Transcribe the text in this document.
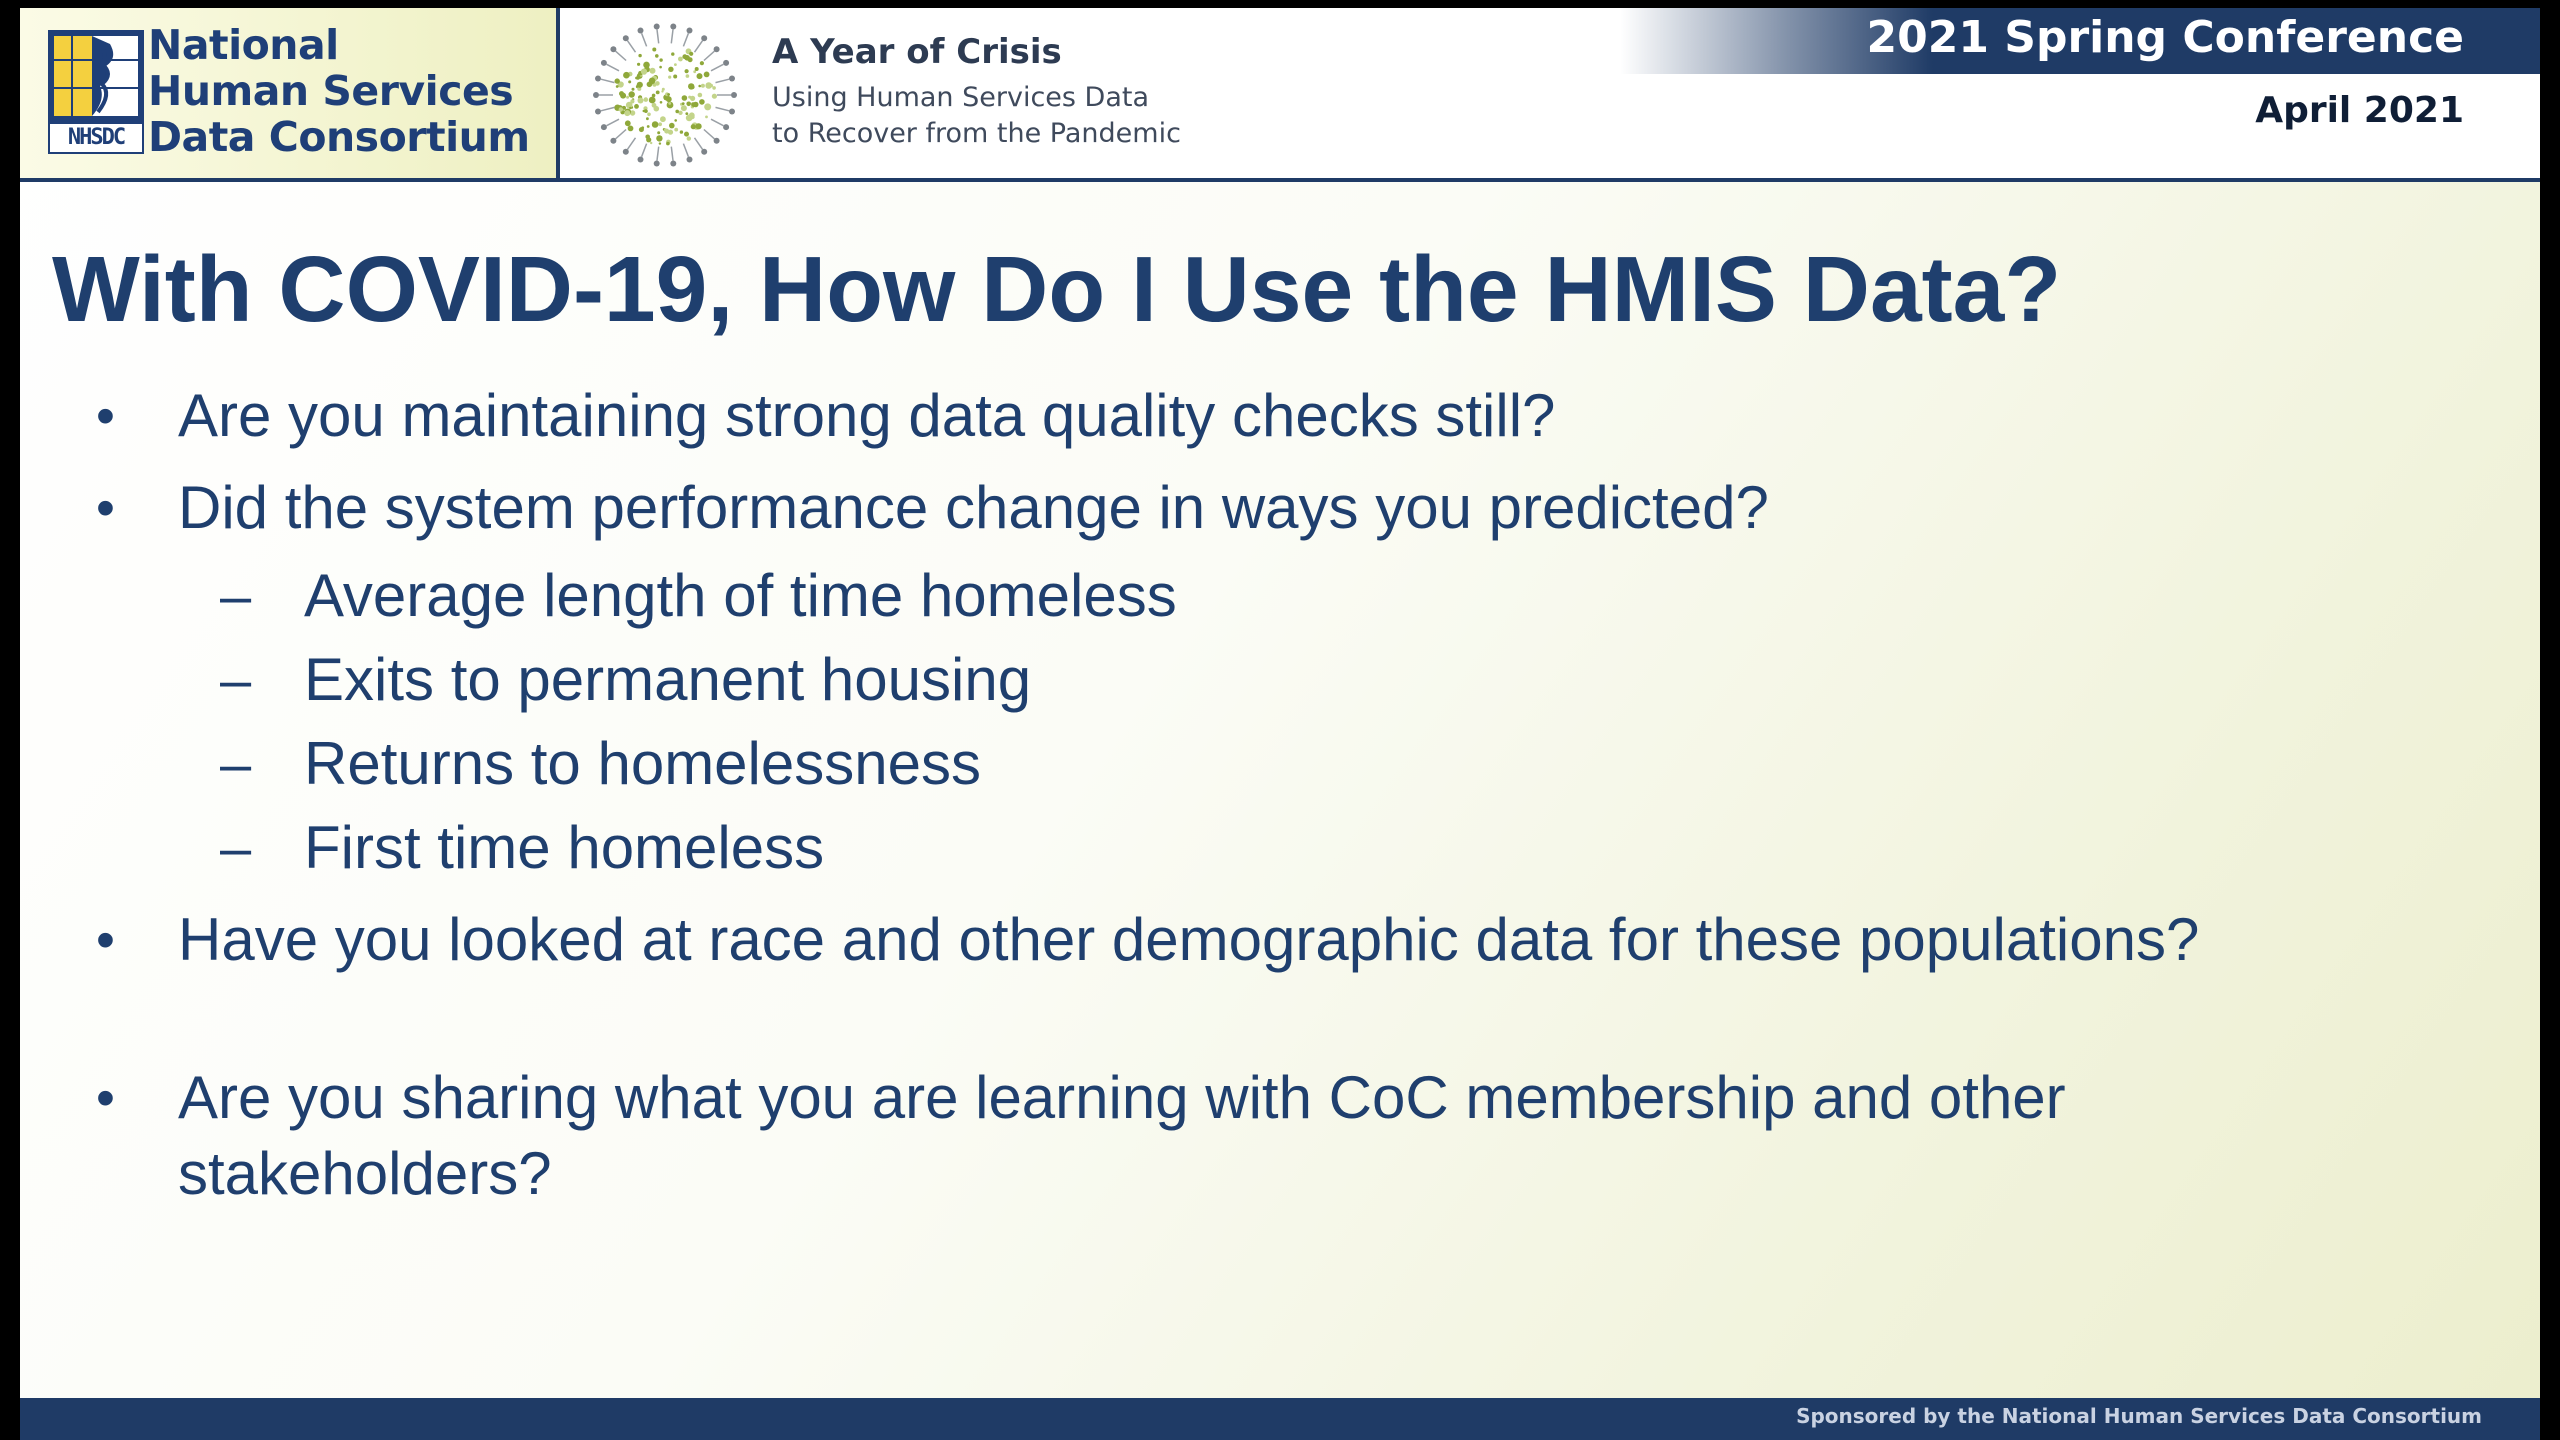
NHSDC
National
Human Services
Data Consortium
A Year of Crisis
Using Human Services Data
to Recover from the Pandemic
2021 Spring Conference
April 2021
With COVID-19, How Do I Use the HMIS Data?
• Are you maintaining strong data quality checks still?
• Did the system performance change in ways you predicted?
– Average length of time homeless
– Exits to permanent housing
– Returns to homelessness
– First time homeless
• Have you looked at race and other demographic data for these populations?
• Are you sharing what you are learning with CoC membership and other stakeholders?
Sponsored by the National Human Services Data Consortium
